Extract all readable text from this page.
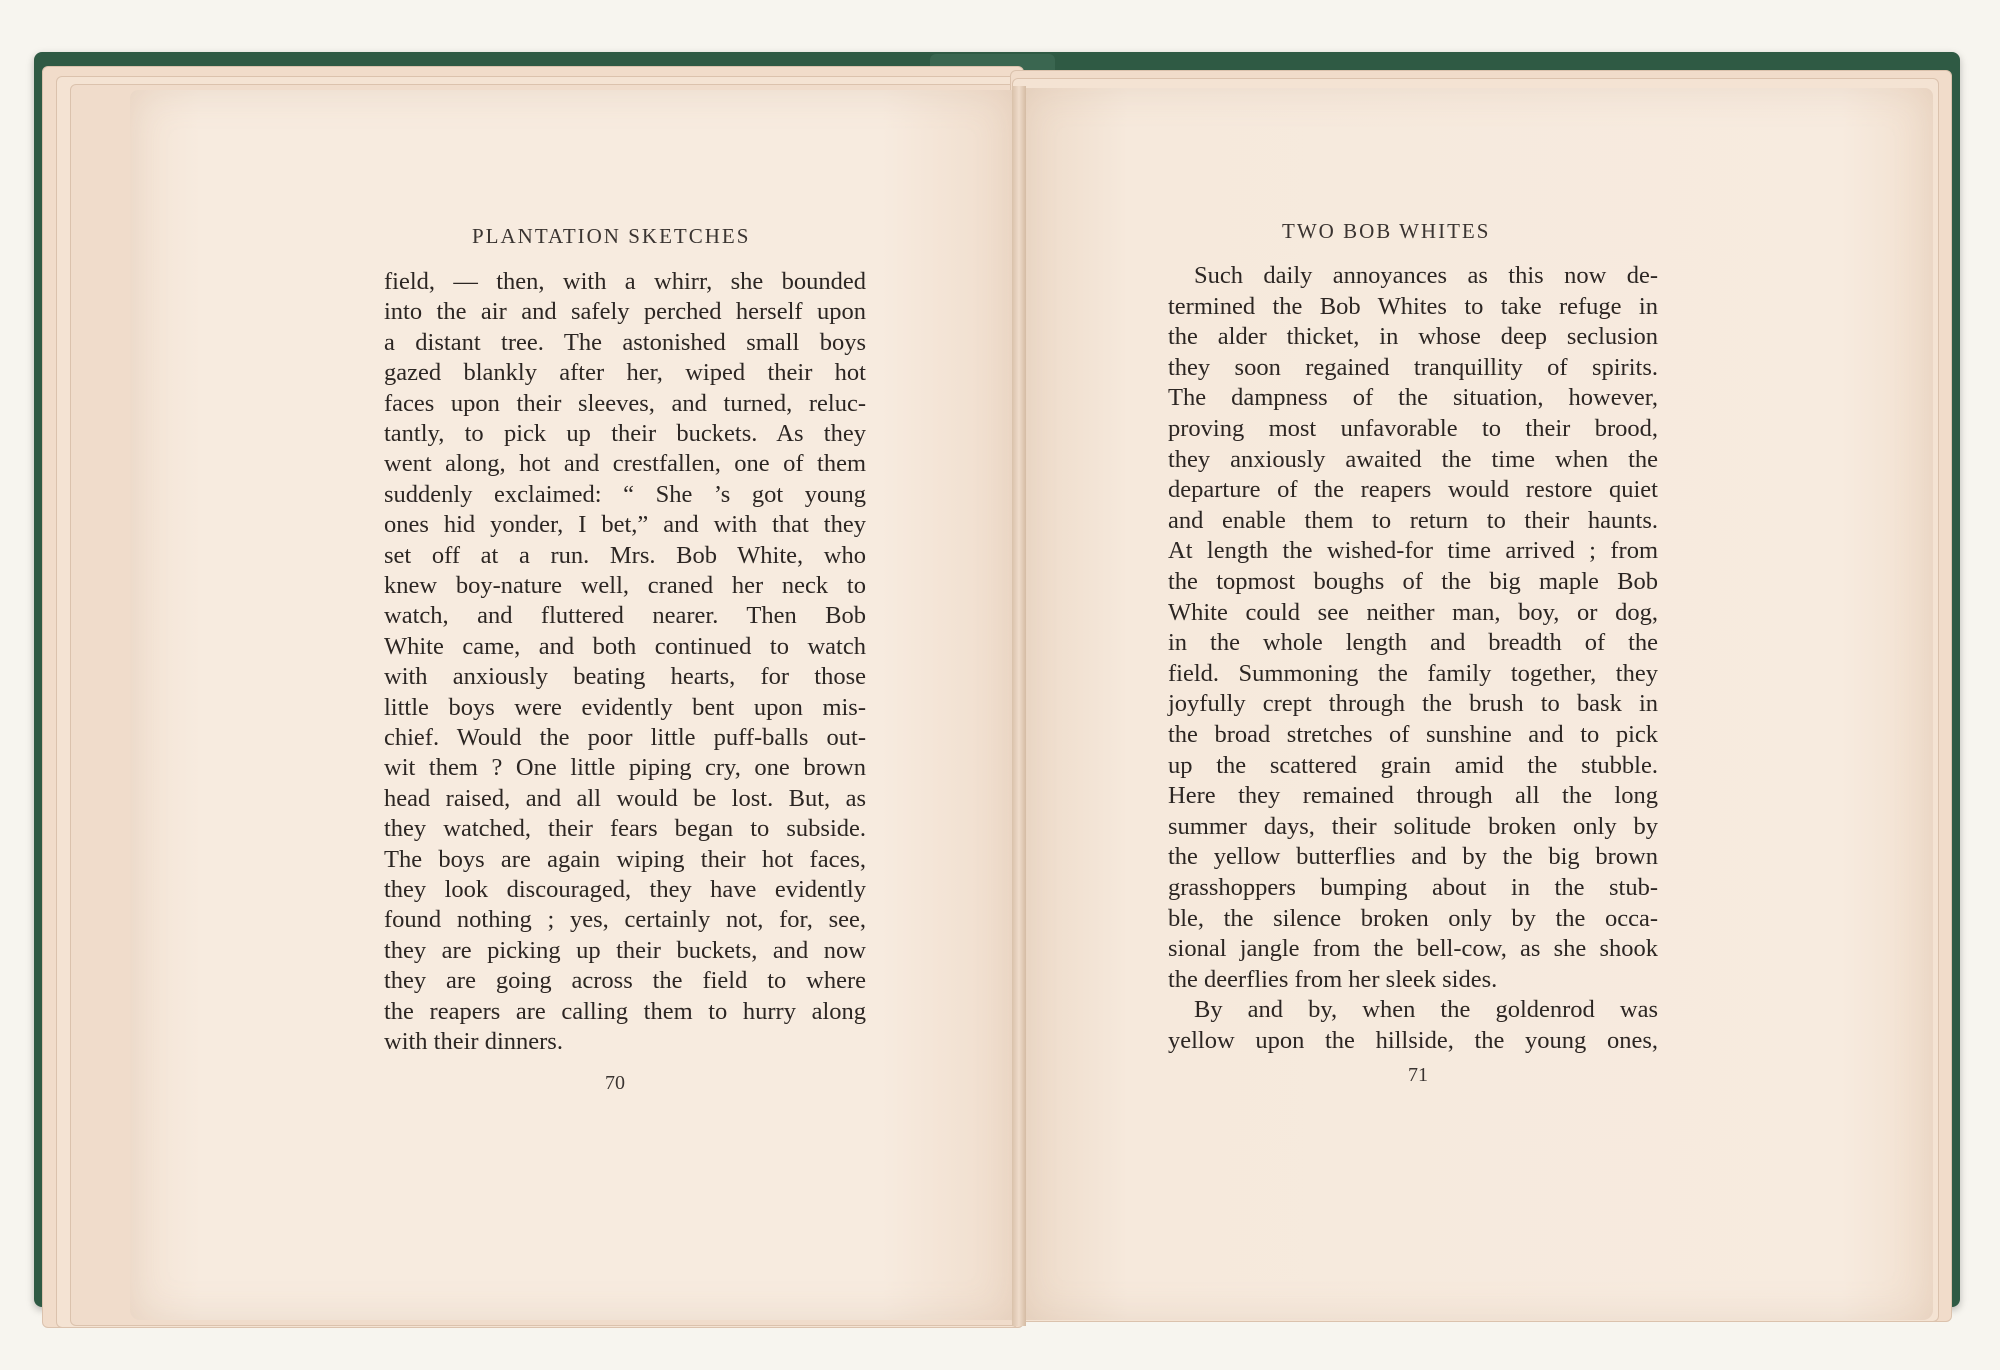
PLANTATION SKETCHES
field, — then, with a whirr, she bounded
into the air and safely perched herself upon
a distant tree. The astonished small boys
gazed blankly after her, wiped their hot
faces upon their sleeves, and turned, reluc-
tantly, to pick up their buckets. As they
went along, hot and crestfallen, one of them
suddenly exclaimed: “ She ’s got young
ones hid yonder, I bet,” and with that they
set off at a run. Mrs. Bob White, who
knew boy-nature well, craned her neck to
watch, and fluttered nearer. Then Bob
White came, and both continued to watch
with anxiously beating hearts, for those
little boys were evidently bent upon mis-
chief. Would the poor little puff-balls out-
wit them ? One little piping cry, one brown
head raised, and all would be lost. But, as
they watched, their fears began to subside.
The boys are again wiping their hot faces,
they look discouraged, they have evidently
found nothing ; yes, certainly not, for, see,
they are picking up their buckets, and now
they are going across the field to where
the reapers are calling them to hurry along
with their dinners.
70
TWO BOB WHITES
Such daily annoyances as this now de-
termined the Bob Whites to take refuge in
the alder thicket, in whose deep seclusion
they soon regained tranquillity of spirits.
The dampness of the situation, however,
proving most unfavorable to their brood,
they anxiously awaited the time when the
departure of the reapers would restore quiet
and enable them to return to their haunts.
At length the wished-for time arrived ; from
the topmost boughs of the big maple Bob
White could see neither man, boy, or dog,
in the whole length and breadth of the
field. Summoning the family together, they
joyfully crept through the brush to bask in
the broad stretches of sunshine and to pick
up the scattered grain amid the stubble.
Here they remained through all the long
summer days, their solitude broken only by
the yellow butterflies and by the big brown
grasshoppers bumping about in the stub-
ble, the silence broken only by the occa-
sional jangle from the bell-cow, as she shook
the deerflies from her sleek sides.
By and by, when the goldenrod was
yellow upon the hillside, the young ones,
71
